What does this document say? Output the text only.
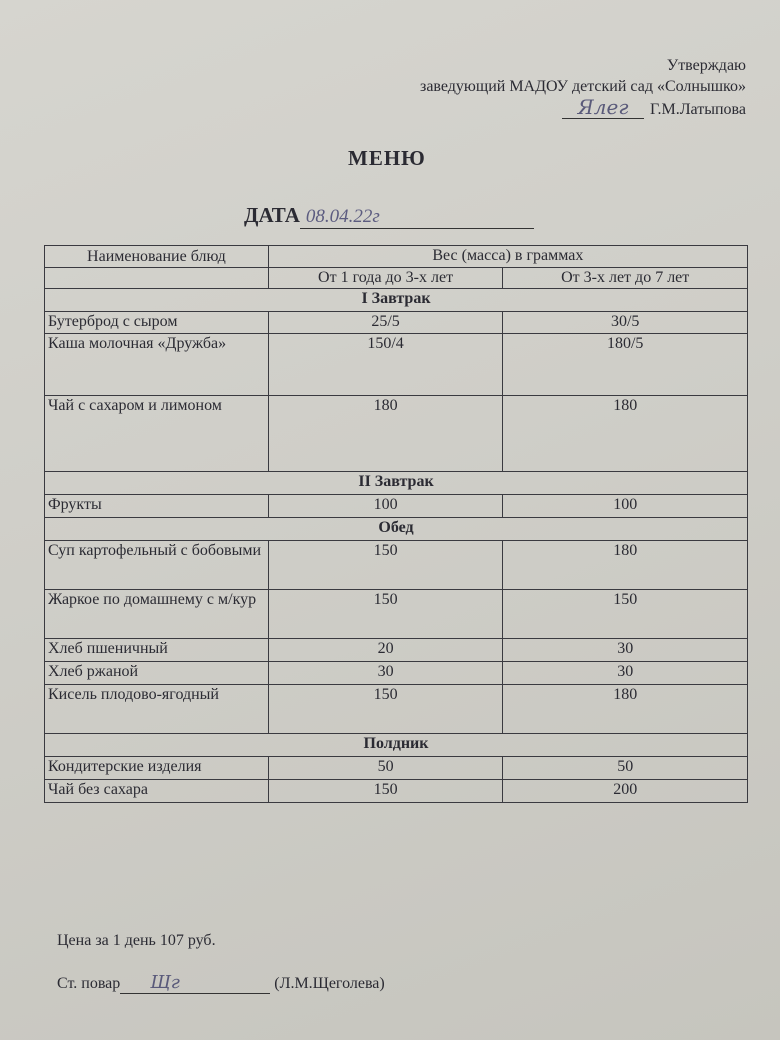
Утверждаю
заведующий МАДОУ детский сад «Солнышко»
Ялег Г.М.Латыпова
МЕНЮ
ДАТА 08.04.22г
Наименование блюд	Вес (масса) в граммах	
	От 1 года до 3-х лет	От 3-х лет до 7 лет
I Завтрак		
Бутерброд с сыром	25/5	30/5
Каша молочная «Дружба»	150/4	180/5
Чай с сахаром и лимоном	180	180
II Завтрак		
Фрукты	100	100
Обед		
Суп картофельный с бобовыми	150	180
Жаркое по домашнему с м/кур	150	150
Хлеб пшеничный	20	30
Хлеб ржаной	30	30
Кисель плодово-ягодный	150	180
Полдник		
Кондитерские изделия	50	50
Чай без сахара	150	200
Цена за 1 день 107 руб.
Ст. повар Щг	(Л.М.Щеголева)
